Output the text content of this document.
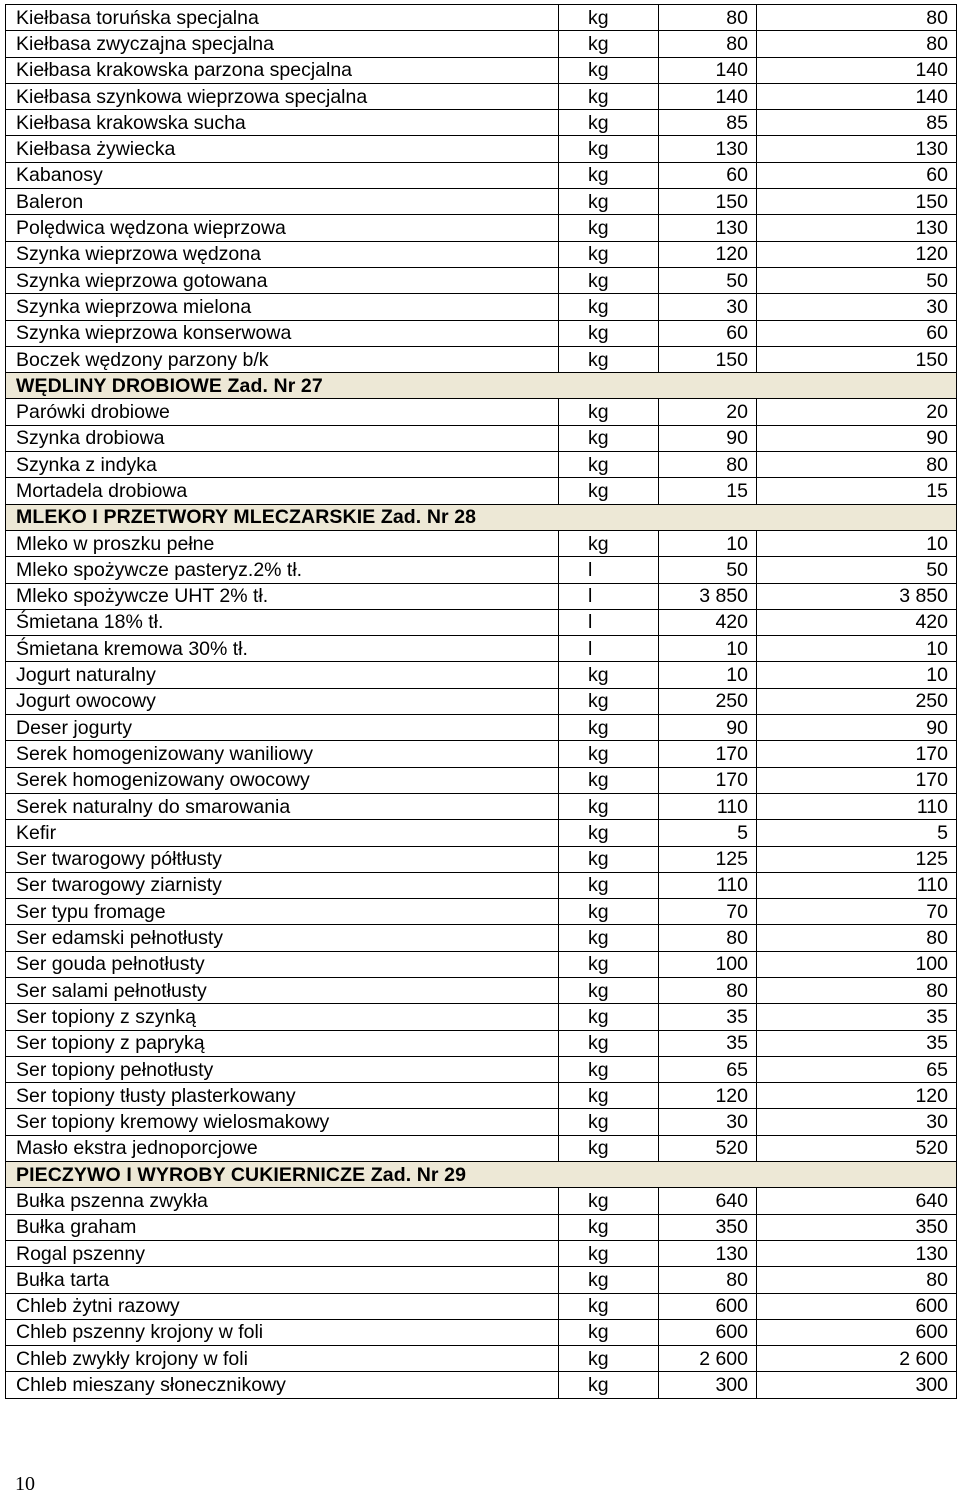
Kiełbasa toruńska specjalna	kg	80	80
Kiełbasa zwyczajna specjalna	kg	80	80
Kiełbasa krakowska parzona specjalna	kg	140	140
Kiełbasa szynkowa wieprzowa specjalna	kg	140	140
Kiełbasa krakowska sucha	kg	85	85
Kiełbasa żywiecka	kg	130	130
Kabanosy	kg	60	60
Baleron	kg	150	150
Polędwica wędzona wieprzowa	kg	130	130
Szynka wieprzowa wędzona	kg	120	120
Szynka wieprzowa gotowana	kg	50	50
Szynka wieprzowa mielona	kg	30	30
Szynka wieprzowa konserwowa	kg	60	60
Boczek wędzony parzony b/k	kg	150	150
WĘDLINY DROBIOWE Zad. Nr 27			
Parówki drobiowe	kg	20	20
Szynka drobiowa	kg	90	90
Szynka z indyka	kg	80	80
Mortadela drobiowa	kg	15	15
MLEKO I PRZETWORY MLECZARSKIE Zad. Nr 28			
Mleko w proszku pełne	kg	10	10
Mleko spożywcze pasteryz.2% tł.	l	50	50
Mleko spożywcze UHT 2% tł.	l	3 850	3 850
Śmietana 18% tł.	l	420	420
Śmietana kremowa 30% tł.	l	10	10
Jogurt naturalny	kg	10	10
Jogurt owocowy	kg	250	250
Deser jogurty	kg	90	90
Serek homogenizowany waniliowy	kg	170	170
Serek homogenizowany owocowy	kg	170	170
Serek naturalny do smarowania	kg	110	110
Kefir	kg	5	5
Ser twarogowy półtłusty	kg	125	125
Ser twarogowy ziarnisty	kg	110	110
Ser typu fromage	kg	70	70
Ser edamski pełnotłusty	kg	80	80
Ser gouda pełnotłusty	kg	100	100
Ser salami pełnotłusty	kg	80	80
Ser topiony z szynką	kg	35	35
Ser topiony z papryką	kg	35	35
Ser topiony pełnotłusty	kg	65	65
Ser topiony tłusty plasterkowany	kg	120	120
Ser topiony kremowy wielosmakowy	kg	30	30
Masło ekstra jednoporcjowe	kg	520	520
PIECZYWO I WYROBY CUKIERNICZE Zad. Nr 29			
Bułka pszenna zwykła	kg	640	640
Bułka graham	kg	350	350
Rogal pszenny	kg	130	130
Bułka tarta	kg	80	80
Chleb żytni razowy	kg	600	600
Chleb pszenny krojony w foli	kg	600	600
Chleb zwykły krojony w foli	kg	2 600	2 600
Chleb mieszany słonecznikowy	kg	300	300
10
